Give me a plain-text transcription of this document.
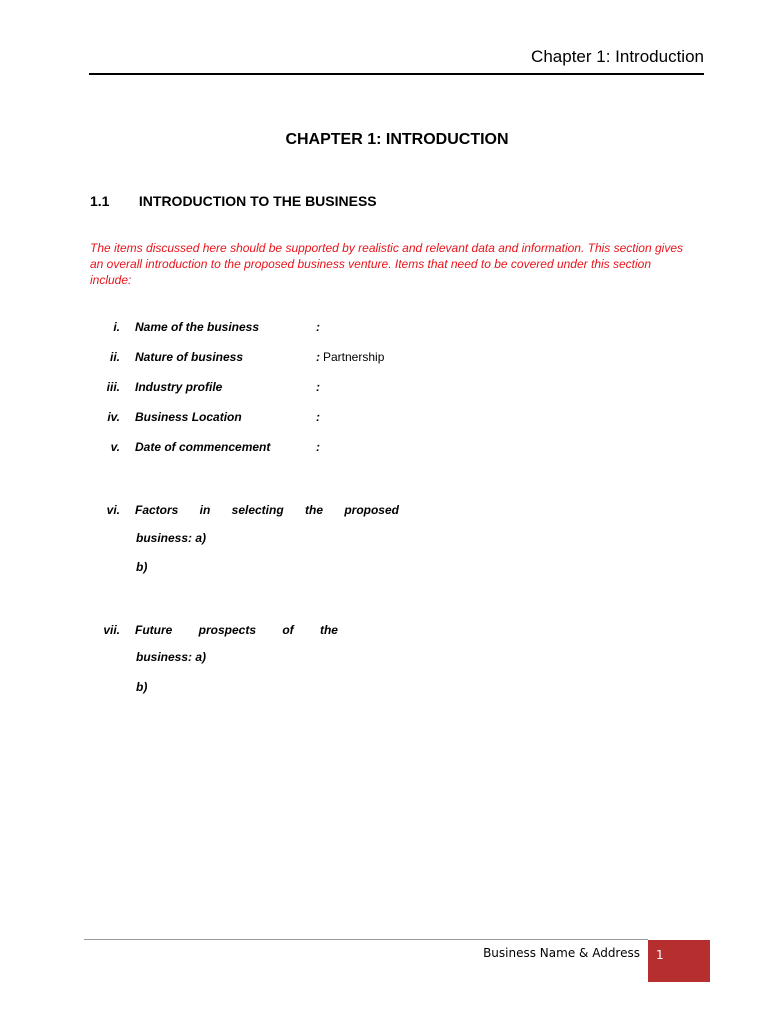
Chapter 1: Introduction
CHAPTER 1: INTRODUCTION
1.1 INTRODUCTION TO THE BUSINESS

The items discussed here should be supported by realistic and relevant data and information. This section gives an overall introduction to the proposed business venture. Items that need to be covered under this section include:

i. Name of the business	:
ii. Nature of business	: Partnership
iii. Industry profile	:
iv. Business Location	:
v. Date of commencement	:
vi. Factors in selecting the proposed
business: a)
b)
vii. Future prospects of the
business: a)
b)
Business Name & Address	1
